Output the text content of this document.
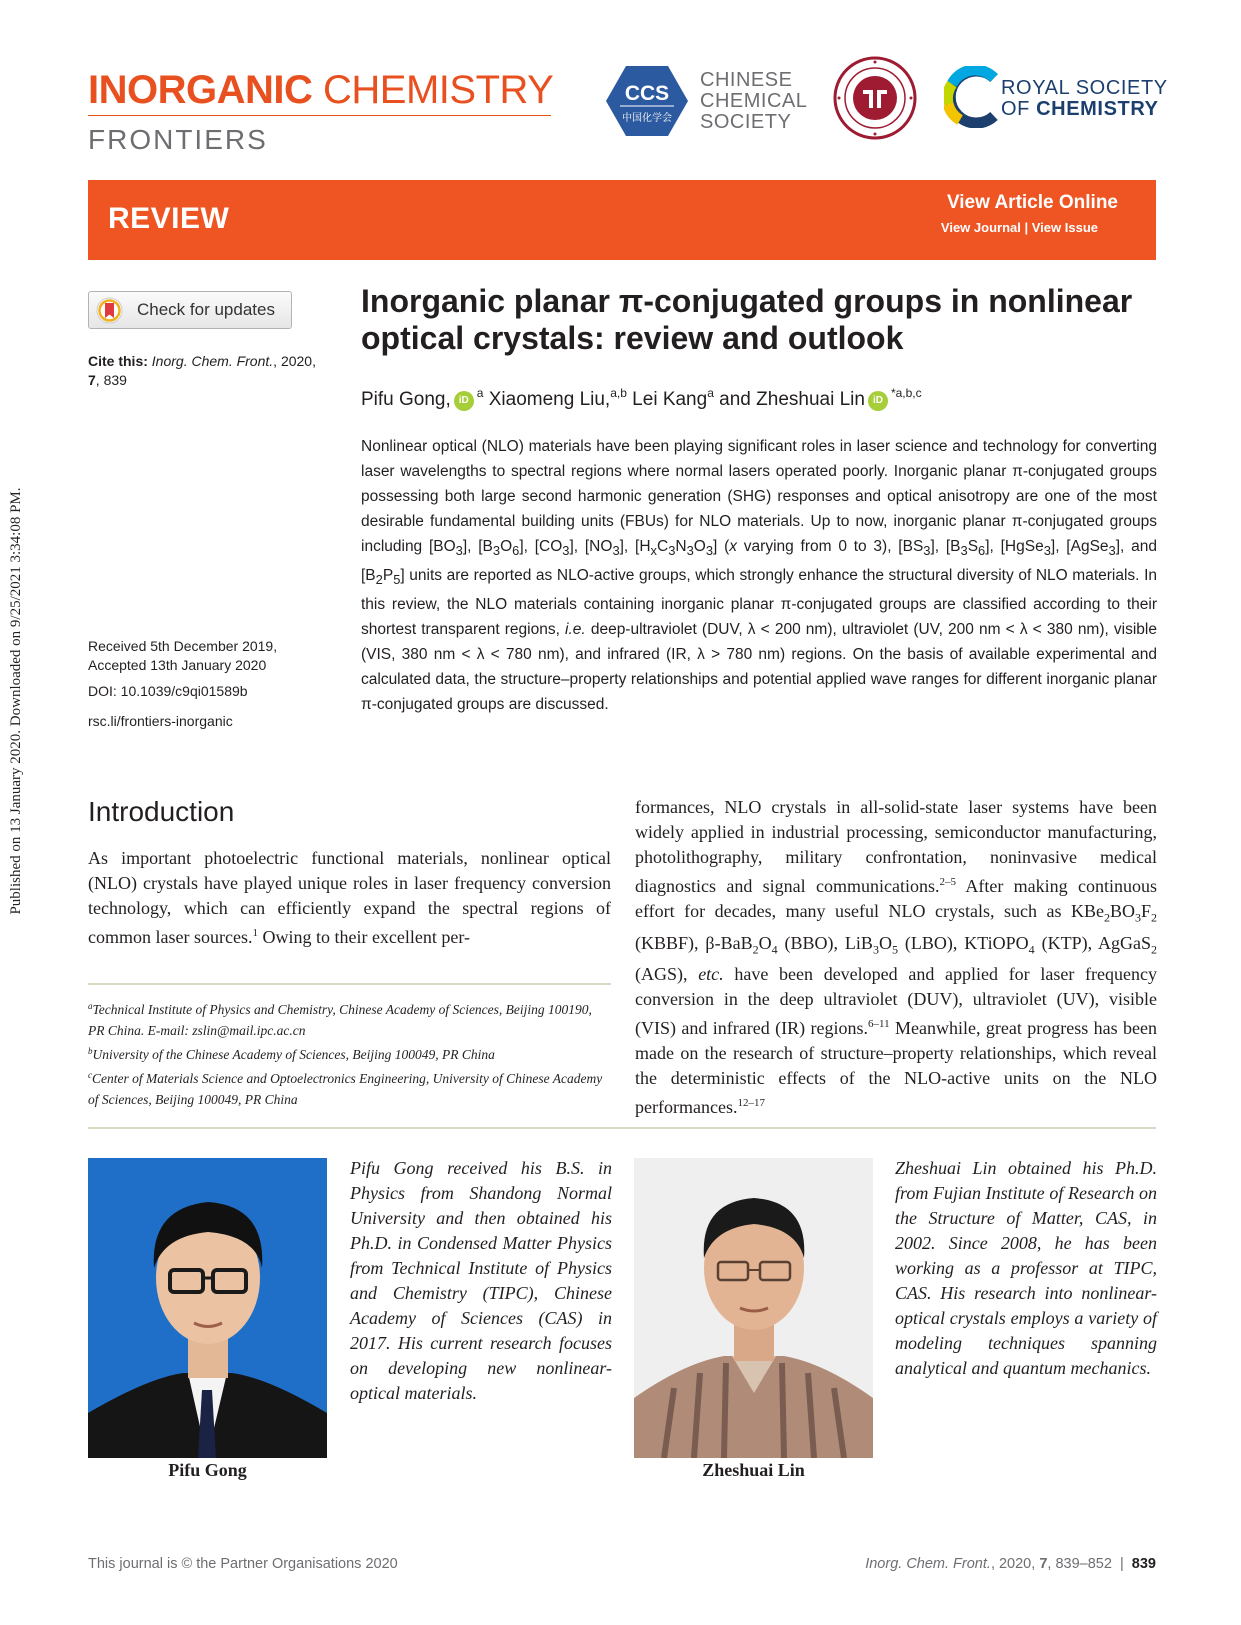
INORGANIC CHEMISTRY
FRONTIERS
CCS
中国化学会
CHINESE
CHEMICAL
SOCIETY
ROYAL SOCIETY
OF CHEMISTRY
REVIEW	View Article Online
View Journal | View Issue
Check for updates
Cite this: Inorg. Chem. Front., 2020,
7, 839
Received 5th December 2019,
Accepted 13th January 2020
DOI: 10.1039/c9qi01589b
rsc.li/frontiers-inorganic
Published on 13 January 2020. Downloaded on 9/25/2021 3:34:08 PM.
Inorganic planar π-conjugated groups in nonlinear optical crystals: review and outlook
Pifu Gong, $iD^a$ Xiaomeng Liu,$^{a,b}$ Lei Kang$^a$ and Zheshuai Lin iD$^{*a,b,c}$
Nonlinear optical (NLO) materials have been playing significant roles in laser science and technology for converting laser wavelengths to spectral regions where normal lasers operated poorly. Inorganic planar π-conjugated groups possessing both large second harmonic generation (SHG) responses and optical anisotropy are one of the most desirable fundamental building units (FBUs) for NLO materials. Up to now, inorganic planar π-conjugated groups including $[BO_3]$, $[B_3O_6]$, $[CO_3]$, $[NO_3]$, $[H_xC_3N_3O_3]$ (x varying from 0 to 3), $[BS_3]$, $[B_3S_6]$, [HgSe$_3$], [AgSe$_3$], and $[B_2P_5]$ units are reported as NLO-active groups, which strongly enhance the structural diversity of NLO materials. In this review, the NLO materials containing inorganic planar π-conjugated groups are classified according to their shortest transparent regions, i.e. deep-ultraviolet (DUV, λ < 200 nm), ultraviolet (UV, 200 nm < λ < 380 nm), visible (VIS, 380 nm < λ < 780 nm), and infrared (IR, λ > 780 nm) regions. On the basis of available experimental and calculated data, the structure–property relationships and potential applied wave ranges for different inorganic planar π-conjugated groups are discussed.
Introduction
As important photoelectric functional materials, nonlinear optical (NLO) crystals have played unique roles in laser frequency conversion technology, which can efficiently expand the spectral regions of common laser sources.$^1$ Owing to their excellent per-
formances, NLO crystals in all-solid-state laser systems have been widely applied in industrial processing, semiconductor manufacturing, photolithography, military confrontation, noninvasive medical diagnostics and signal communications.$^{2-5}$ After making continuous effort for decades, many useful NLO crystals, such as $KBe_2BO_3F_2$ (KBBF), $\beta-BaB_2O_4$ (BBO), $LiB_3O_5$ (LBO), KTiOPO$_4$ (KTP), AgGaS$_2$ (AGS), etc. have been developed and applied for laser frequency conversion in the deep ultraviolet (DUV), ultraviolet (UV), visible (VIS) and infrared (IR) regions.$^{6-11}$ Meanwhile, great progress has been made on the research of structure–property relationships, which reveal the deterministic effects of the NLO-active units on the NLO performances.$^{12-17}$
$^a$Technical Institute of Physics and Chemistry, Chinese Academy of Sciences, Beijing 100190, PR China. E-mail: zslin@mail.ipc.ac.cn
$^b$University of the Chinese Academy of Sciences, Beijing 100049, PR China
$^c$Center of Materials Science and Optoelectronics Engineering, University of Chinese Academy of Sciences, Beijing 100049, PR China
Pifu Gong	Zheshuai Lin
Pifu Gong received his B.S. in Physics from Shandong Normal University and then obtained his Ph.D. in Condensed Matter Physics from Technical Institute of Physics and Chemistry (TIPC), Chinese Academy of Sciences (CAS) in 2017. His current research focuses on developing new nonlinear-optical materials.
Zheshuai Lin obtained his Ph.D. from Fujian Institute of Research on the Structure of Matter, CAS, in 2002. Since 2008, he has been working as a professor at TIPC, CAS. His research into nonlinear-optical crystals employs a variety of modeling techniques spanning analytical and quantum mechanics.
This journal is © the Partner Organisations 2020	Inorg. Chem. Front., 2020, 7, 839–852  |  839
